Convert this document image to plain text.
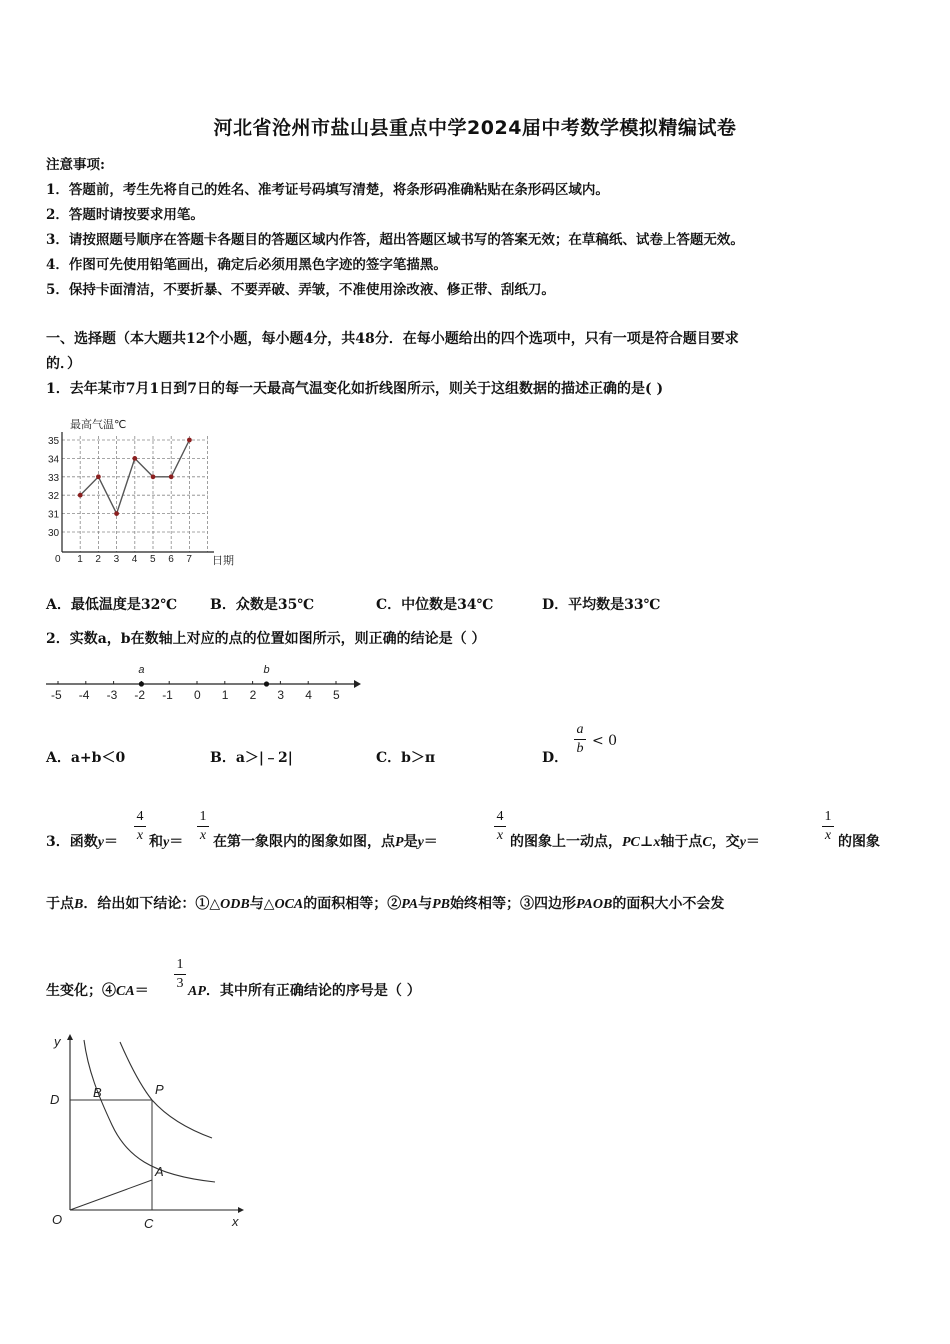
河北省沧州市盐山县重点中学2024届中考数学模拟精编试卷
注意事项:
1．答题前，考生先将自己的姓名、准考证号码填写清楚，将条形码准确粘贴在条形码区域内。
2．答题时请按要求用笔。
3．请按照题号顺序在答题卡各题目的答题区域内作答，超出答题区域书写的答案无效；在草稿纸、试卷上答题无效。
4．作图可先使用铅笔画出，确定后必须用黑色字迹的签字笔描黑。
5．保持卡面清洁，不要折暴、不要弄破、弄皱，不准使用涂改液、修正带、刮纸刀。
一、选择题（本大题共12个小题，每小题4分，共48分．在每小题给出的四个选项中，只有一项是符合题目要求
的．）
1．去年某市7月1日到7日的每一天最高气温变化如折线图所示，则关于这组数据的描述正确的是( )
最高气温℃
日期
30
31
32
33
34
35
0 1 2 3 4 5 6 7
A．最低温度是32℃ B．众数是35℃	C．中位数是34℃	D．平均数是33℃
2．实数a，b在数轴上对应的点的位置如图所示，则正确的结论是（ ）
-5 -4 -3 -2 -1 0 1 2 3 4 5
a	b
A．a+b＜0	B．a＞|﹣2|	C．b＞π	D．
a
b < 0
3．函数y＝
4
x 和y＝
1
x 在第一象限内的图象如图，点P是y＝
4
x 的图象上一动点，PC⊥x轴于点C，交y＝
1
x 的图象
于点B．给出如下结论：①△ODB与△OCA的面积相等；②PA与PB始终相等；③四边形PAOB的面积大小不会发
生变化；④CA＝
1
3
AP．其中所有正确结论的序号是（ ）
y
x
O	C
D	B	P
A
